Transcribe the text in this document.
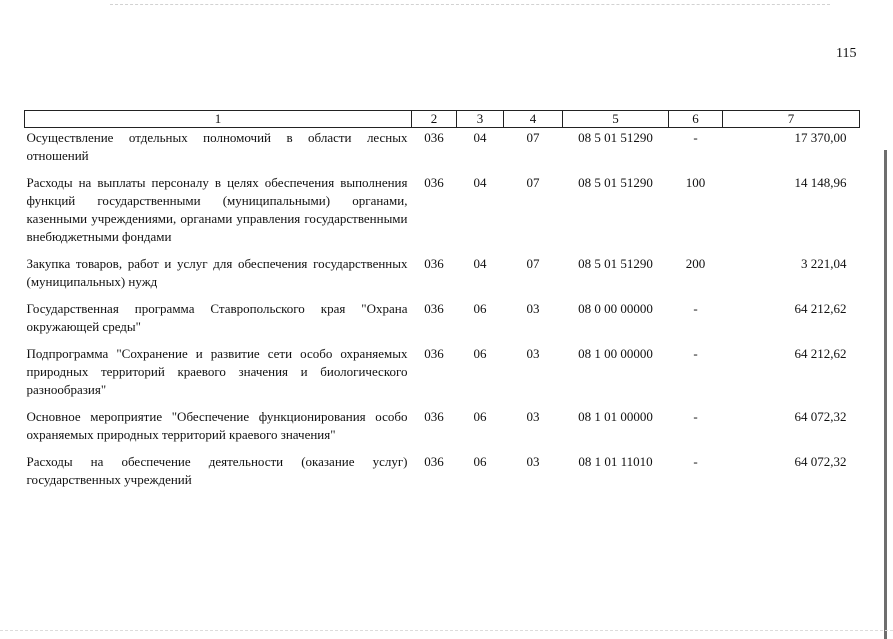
115
1	2	3	4	5	6	7
Осуществление отдельных полномочий в области лесных отношений	036	04	07	08 5 01 51290	-	17 370,00
Расходы на выплаты персоналу в целях обеспечения выполнения функций государственными (муниципальными) органами, казенными учреждениями, органами управления государственными внебюджетными фондами	036	04	07	08 5 01 51290	100	14 148,96
Закупка товаров, работ и услуг для обеспечения государственных (муниципальных) нужд	036	04	07	08 5 01 51290	200	3 221,04
Государственная программа Ставропольского края "Охрана окружающей среды"	036	06	03	08 0 00 00000	-	64 212,62
Подпрограмма "Сохранение и развитие сети особо охраняемых природных территорий краевого значения и биологического разнообразия"	036	06	03	08 1 00 00000	-	64 212,62
Основное мероприятие "Обеспечение функционирования особо охраняемых природных территорий краевого значения"	036	06	03	08 1 01 00000	-	64 072,32
Расходы на обеспечение деятельности (оказание услуг) государственных учреждений	036	06	03	08 1 01 11010	-	64 072,32
